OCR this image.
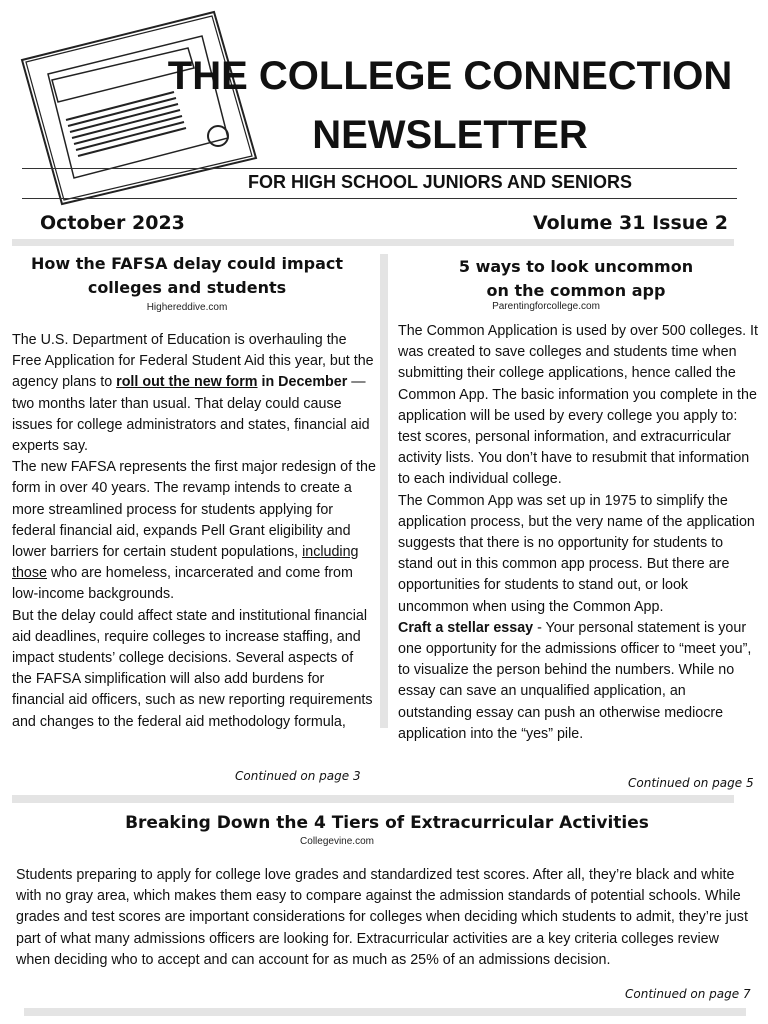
THE COLLEGE CONNECTION
NEWSLETTER
FOR HIGH SCHOOL JUNIORS AND SENIORS
October 2023	Volume 31 Issue 2
How the FAFSA delay could impact
colleges and students
Highereddive.com

The U.S. Department of Education is overhauling the Free Application for Federal Student Aid this year, but the agency plans to roll out the new form in December — two months later than usual. That delay could cause issues for college administrators and states, financial aid experts say.

The new FAFSA represents the first major redesign of the form in over 40 years. The revamp intends to create a more streamlined process for students applying for federal financial aid, expands Pell Grant eligibility and lower barriers for certain student populations, including those who are homeless, incarcerated and come from low-income backgrounds.

But the delay could affect state and institutional financial aid deadlines, require colleges to increase staffing, and impact students’ college decisions. Several aspects of the FAFSA simplification will also add burdens for financial aid officers, such as new reporting requirements and changes to the federal aid methodology formula,

Continued on page 3
5 ways to look uncommon
on the common app
Parentingforcollege.com

The Common Application is used by over 500 colleges. It was created to save colleges and students time when submitting their college applications, hence called the Common App. The basic information you complete in the application will be used by every college you apply to: test scores, personal information, and extracurricular activity lists. You don’t have to resubmit that information to each individual college.

The Common App was set up in 1975 to simplify the application process, but the very name of the application suggests that there is no opportunity for students to stand out in this common app process. But there are opportunities for students to stand out, or look uncommon when using the Common App.

Craft a stellar essay - Your personal statement is your one opportunity for the admissions officer to “meet you”, to visualize the person behind the numbers. While no essay can save an unqualified application, an outstanding essay can push an otherwise mediocre application into the “yes” pile.

Continued on page 5
Breaking Down the 4 Tiers of Extracurricular Activities
Collegevine.com

Students preparing to apply for college love grades and standardized test scores. After all, they’re black and white with no gray area, which makes them easy to compare against the admission standards of potential schools. While grades and test scores are important considerations for colleges when deciding which students to admit, they’re just part of what many admissions officers are looking for. Extracurricular activities are a key criteria colleges review when deciding who to accept and can account for as much as 25% of an admissions decision.

Continued on page 7
